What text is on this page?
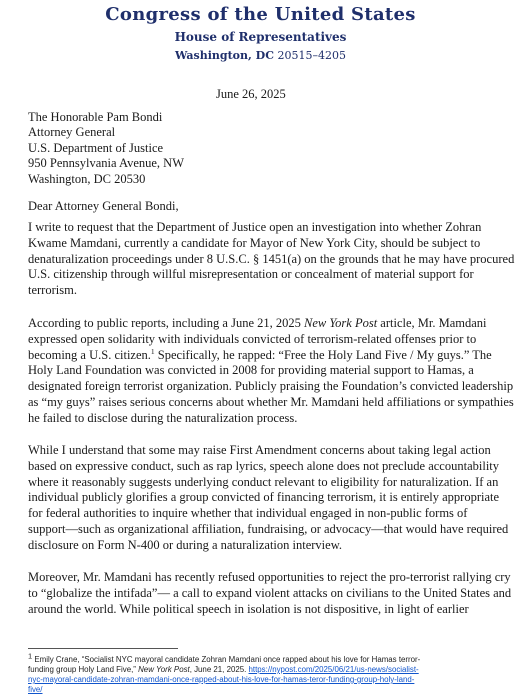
Congress of the United States
House of Representatives
Washington, DC 20515–4205
June 26, 2025
The Honorable Pam Bondi
Attorney General
U.S. Department of Justice
950 Pennsylvania Avenue, NW
Washington, DC 20530
Dear Attorney General Bondi,
I write to request that the Department of Justice open an investigation into whether Zohran
Kwame Mamdani, currently a candidate for Mayor of New York City, should be subject to
denaturalization proceedings under 8 U.S.C. § 1451(a) on the grounds that he may have procured
U.S. citizenship through willful misrepresentation or concealment of material support for
terrorism.
According to public reports, including a June 21, 2025 New York Post article, Mr. Mamdani
expressed open solidarity with individuals convicted of terrorism-related offenses prior to
becoming a U.S. citizen.$^1$ Specifically, he rapped: “Free the Holy Land Five / My guys.” The
Holy Land Foundation was convicted in 2008 for providing material support to Hamas, a
designated foreign terrorist organization. Publicly praising the Foundation’s convicted leadership
as “my guys” raises serious concerns about whether Mr. Mamdani held affiliations or sympathies
he failed to disclose during the naturalization process.
While I understand that some may raise First Amendment concerns about taking legal action
based on expressive conduct, such as rap lyrics, speech alone does not preclude accountability
where it reasonably suggests underlying conduct relevant to eligibility for naturalization. If an
individual publicly glorifies a group convicted of financing terrorism, it is entirely appropriate
for federal authorities to inquire whether that individual engaged in non-public forms of
support—such as organizational affiliation, fundraising, or advocacy—that would have required
disclosure on Form N-400 or during a naturalization interview.
Moreover, Mr. Mamdani has recently refused opportunities to reject the pro-terrorist rallying cry
to “globalize the intifada”— a call to expand violent attacks on civilians to the United States and
around the world. While political speech in isolation is not dispositive, in light of earlier
$^1$ Emily Crane, “Socialist NYC mayoral candidate Zohran Mamdani once rapped about his love for Hamas terror-
funding group Holy Land Five,” New York Post, June 21, 2025. https://nypost.com/2025/06/21/us-news/socialist-
nyc-mayoral-candidate-zohran-mamdani-once-rapped-about-his-love-for-hamas-teror-funding-group-holy-land-
five/
